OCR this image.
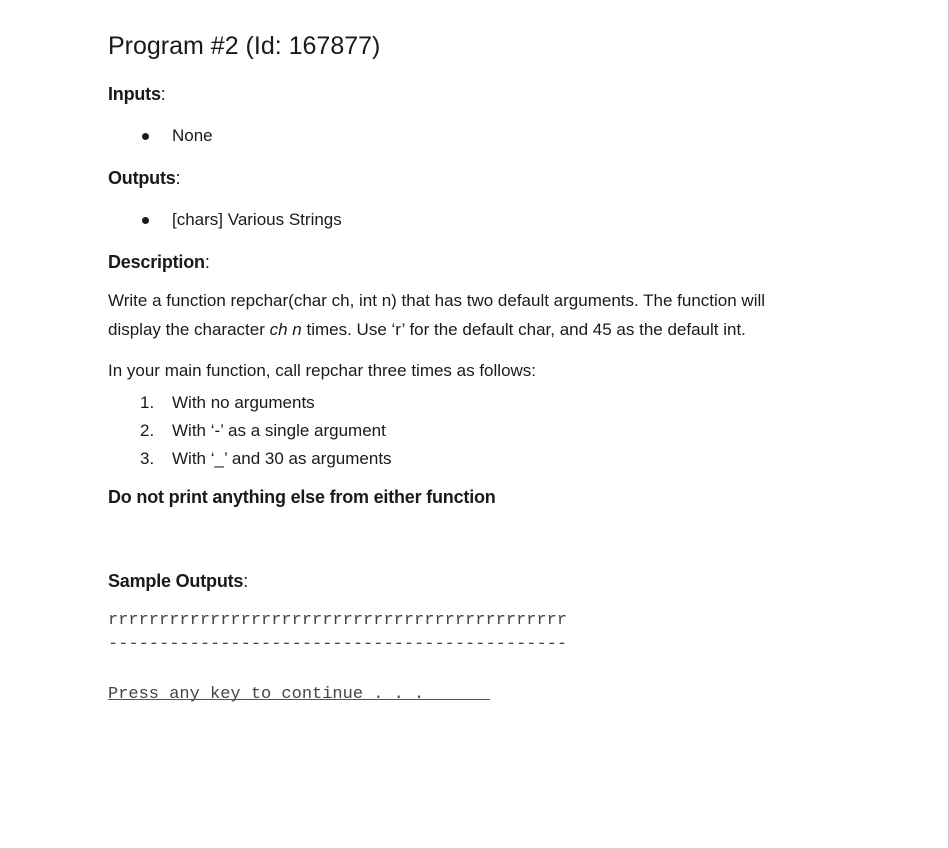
Program #2 (Id: 167877)

Inputs:

None

Outputs:

[chars] Various Strings

Description:

Write a function repchar(char ch, int n) that has two default arguments. The function will
display the character ch n times. Use ‘r’ for the default char, and 45 as the default int.

In your main function, call repchar three times as follows:

1. With no arguments
2. With ‘-’ as a single argument
3. With ‘_’ and 30 as arguments

Do not print anything else from either function

Sample Outputs:

rrrrrrrrrrrrrrrrrrrrrrrrrrrrrrrrrrrrrrrrrrrrr

---------------------------------------------

Press any key to continue . . .
